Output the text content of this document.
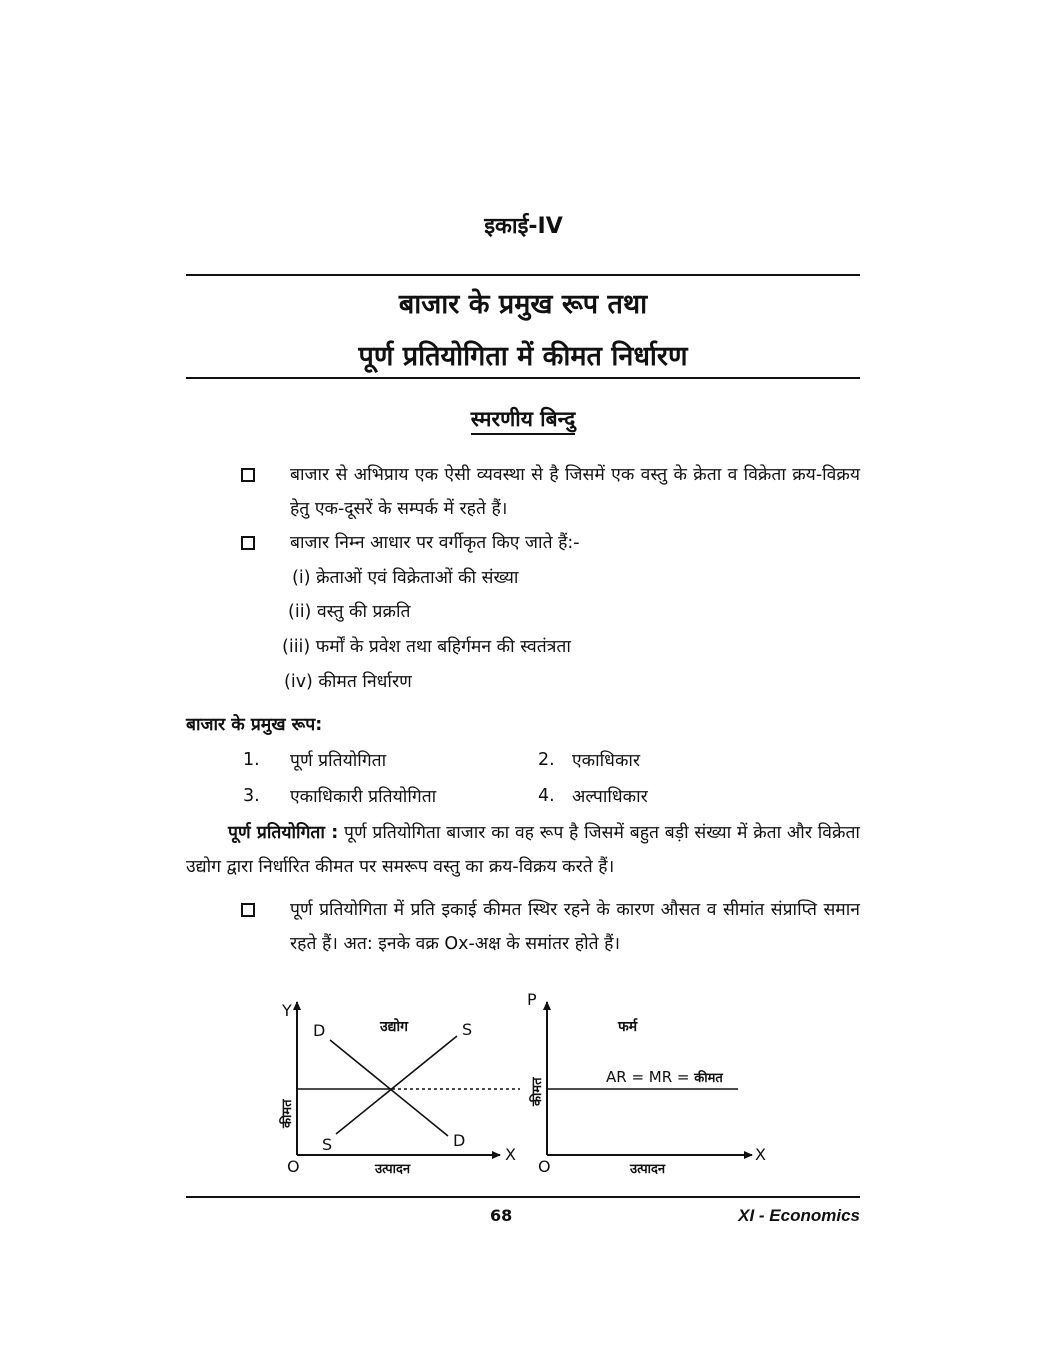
इकाई-IV
बाजार के प्रमुख रूप तथा
पूर्ण प्रतियोगिता में कीमत निर्धारण
स्मरणीय बिन्दु
बाजार से अभिप्राय एक ऐसी व्यवस्था से है जिसमें एक वस्तु के क्रेता व विक्रेता क्रय-विक्रय हेतु एक-दूसरें के सम्पर्क में रहते हैं।
बाजार निम्न आधार पर वर्गीकृत किए जाते हैं:-
(i) क्रेताओं एवं विक्रेताओं की संख्या
(ii) वस्तु की प्रक्रति
(iii) फर्मों के प्रवेश तथा बहिर्गमन की स्वतंत्रता
(iv) कीमत निर्धारण
बाजार के प्रमुख रूप:
1. पूर्ण प्रतियोगिता	2. एकाधिकार
3. एकाधिकारी प्रतियोगिता	4. अल्पाधिकार
पूर्ण प्रतियोगिता : पूर्ण प्रतियोगिता बाजार का वह रूप है जिसमें बहुत बड़ी संख्या में क्रेता और विक्रेता उद्योग द्वारा निर्धारित कीमत पर समरूप वस्तु का क्रय-विक्रय करते हैं।
पूर्ण प्रतियोगिता में प्रति इकाई कीमत स्थिर रहने के कारण औसत व सीमांत संप्राप्ति समान रहते हैं। अत: इनके वक्र Ox-अक्ष के समांतर होते हैं।
Y
X
O
उद्योग
D	S
S	D
उत्पादन
कीमत
P
X
O
फर्म
AR = MR = कीमत
उत्पादन
कीमत
68	XI - Economics
